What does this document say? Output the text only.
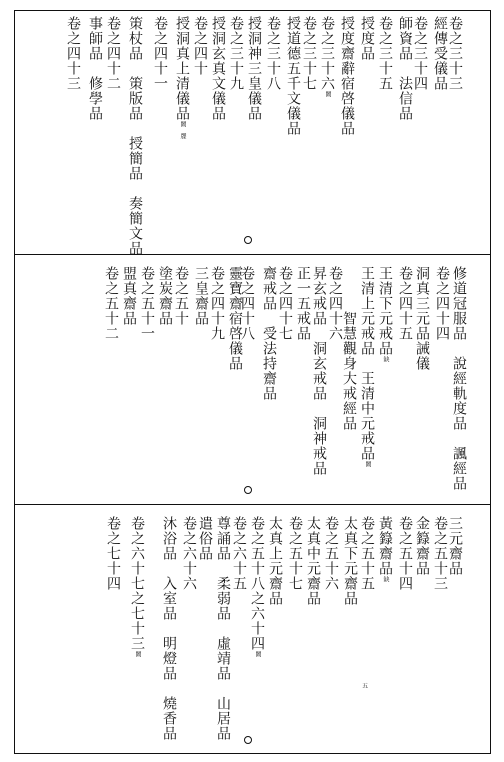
卷之三十三
經傳受儀品
卷之三十四
師資品　法信品
卷之三十五
授度品
授度齋辭宿啓儀品
卷之三十六闕
卷之三十七
授道德五千文儀品
卷之三十八
授洞神三皇儀品
卷之三十九
授洞玄真文儀品
卷之四十
授洞真上清儀品闕　牒
卷之四十一
策杖品　策版品　授簡品　奏簡文品
卷之四十二
事師品　修學品
卷之四十三
修道冠服品　說經軌度品　諷經品
卷之四十四
洞真三元品誡儀
卷之四十五
王清下元戒品缺
王清上元戒品　王清中元戒品闕
　　　智慧觀身大戒經品
卷之四十六
昇玄戒品　洞玄戒品　洞神戒品
正一五戒品
卷之四十七
齋戒品　受法持齋品
卷之四十八
靈寶齋宿啓儀品
卷之四十九
三皇齋品
卷之五十
塗炭齋品
卷之五十一
盟真齋品
卷之五十二
三元齋品
卷之五十三
金籙齋品
卷之五十四
黃籙齋品缺
卷之五十五
太真下元齋品
卷之五十六
太真中元齋品
卷之五十七
太真上元齋品
卷之五十八之六十四闕
卷之六十五
尊誦品　柔弱品　虛靖品　山居品
遣俗品
卷之六十六
沐浴品　入室品　明燈品　燒香品
卷之六十七之七十三闕
卷之七十四
五
